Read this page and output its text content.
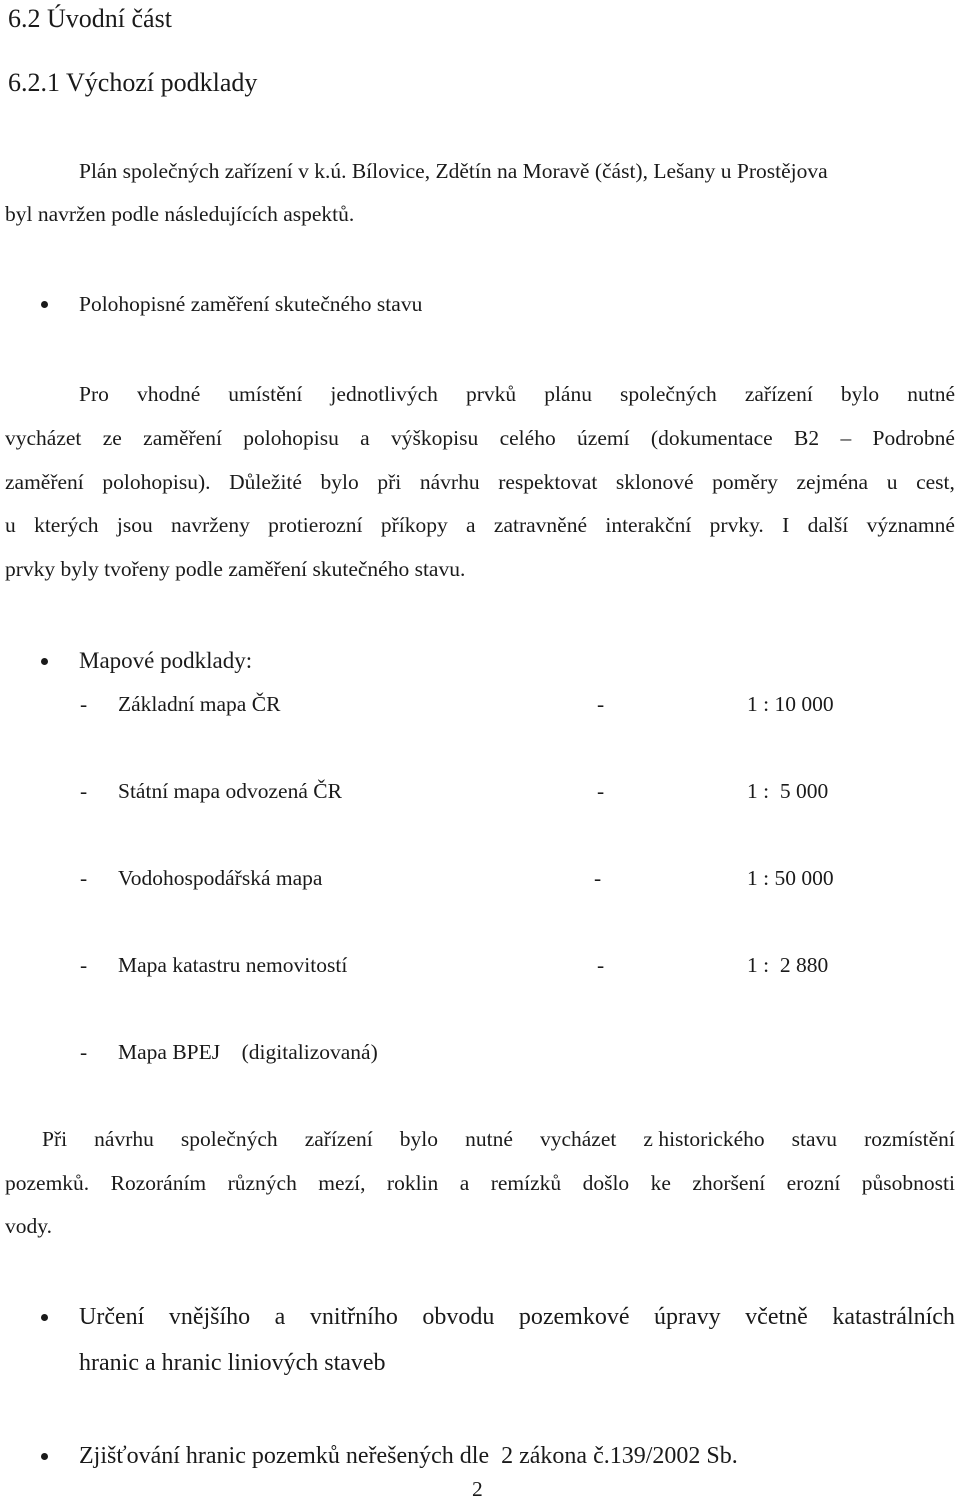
6.2 Úvodní část
6.2.1 Výchozí podklady
Plán společných zařízení v k.ú. Bílovice, Zdětín na Moravě (část), Lešany u Prostějova
byl navržen podle následujících aspektů.
Polohopisné zaměření skutečného stavu
Pro vhodné umístění jednotlivých prvků plánu společných zařízení bylo nutné
vycházet ze zaměření polohopisu a výškopisu celého území (dokumentace B2 – Podrobné
zaměření polohopisu). Důležité bylo při návrhu respektovat sklonové poměry zejména u cest,
u kterých jsou navrženy protierozní příkopy a zatravněné interakční prvky. I další významné
prvky byly tvořeny podle zaměření skutečného stavu.
Mapové podklady:
- Základní mapa ČR	-	1 : 10 000
- Státní mapa odvozená ČR	-	1 :  5 000
- Vodohospodářská mapa	-	1 : 50 000
- Mapa katastru nemovitostí	-	1 :  2 880
- Mapa BPEJ    (digitalizovaná)
Při návrhu společných zařízení bylo nutné vycházet z historického stavu rozmístění
pozemků. Rozoráním různých mezí, roklin a remízků došlo ke zhoršení erozní působnosti
vody.
Určení vnějšího a vnitřního obvodu pozemkové úpravy včetně katastrálních
hranic a hranic liniových staveb
Zjišťování hranic pozemků neřešených dle  2 zákona č.139/2002 Sb.
2
